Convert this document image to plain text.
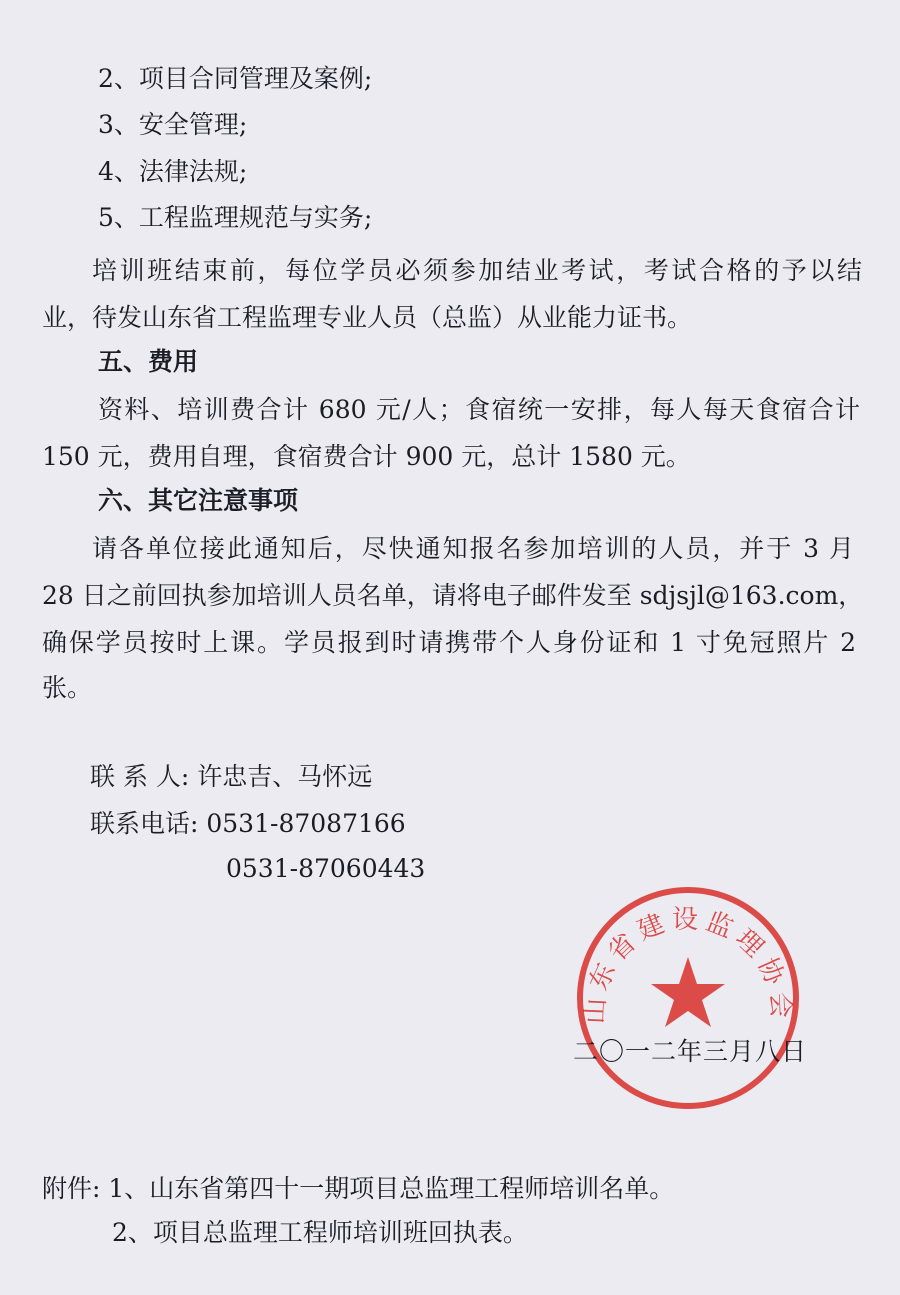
2、项目合同管理及案例;
3、安全管理;
4、法律法规;
5、工程监理规范与实务;
培训班结束前，每位学员必须参加结业考试，考试合格的予以结
业，待发山东省工程监理专业人员（总监）从业能力证书。
五、费用
资料、培训费合计 680 元/人；食宿统一安排，每人每天食宿合计
150 元，费用自理，食宿费合计 900 元，总计 1580 元。
六、其它注意事项
请各单位接此通知后，尽快通知报名参加培训的人员，并于 3 月
28 日之前回执参加培训人员名单，请将电子邮件发至 sdjsjl@163.com，
确保学员按时上课。学员报到时请携带个人身份证和 1 寸免冠照片 2
张。
联 系 人: 许忠吉、马怀远
联系电话: 0531-87087166
0531-87060443
山东省建设监理协会
二〇一二年三月八日
附件: 1、山东省第四十一期项目总监理工程师培训名单。
2、项目总监理工程师培训班回执表。
